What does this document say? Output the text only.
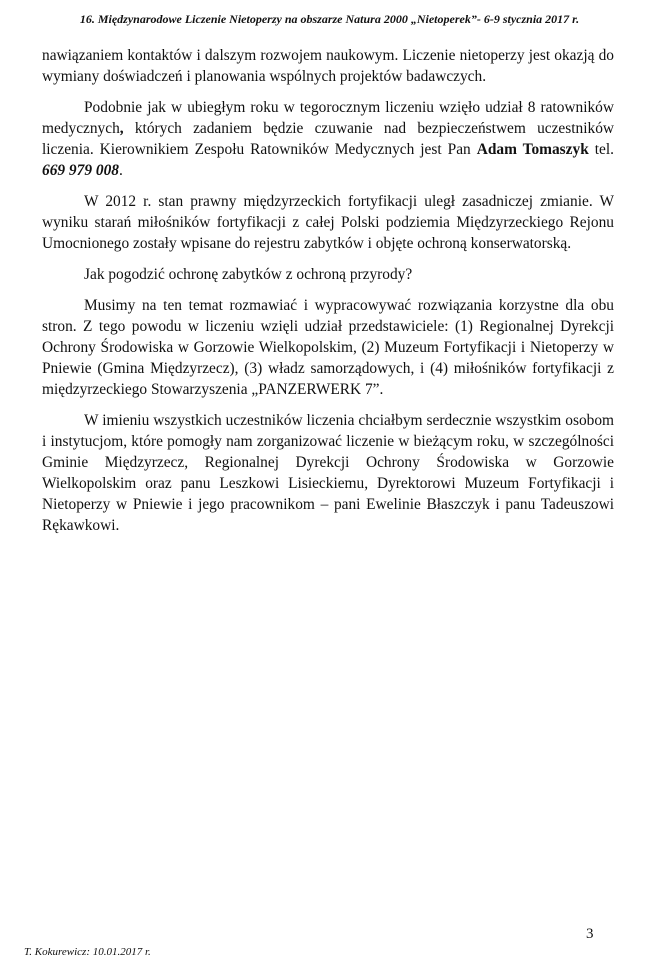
16. Międzynarodowe Liczenie Nietoperzy na obszarze Natura 2000 „Nietoperek”- 6-9 stycznia 2017 r.

nawiązaniem kontaktów i dalszym rozwojem naukowym. Liczenie nietoperzy jest okazją do wymiany doświadczeń i planowania wspólnych projektów badawczych.

Podobnie jak w ubiegłym roku w tegorocznym liczeniu wzięło udział 8 ratowników medycznych, których zadaniem będzie czuwanie nad bezpieczeństwem uczestników liczenia. Kierownikiem Zespołu Ratowników Medycznych jest Pan Adam Tomaszyk tel. 669 979 008.

W 2012 r. stan prawny międzyrzeckich fortyfikacji uległ zasadniczej zmianie. W wyniku starań miłośników fortyfikacji z całej Polski podziemia Międzyrzeckiego Rejonu Umocnionego zostały wpisane do rejestru zabytków i objęte ochroną konserwatorską.

Jak pogodzić ochronę zabytków z ochroną przyrody?

Musimy na ten temat rozmawiać i wypracowywać rozwiązania korzystne dla obu stron. Z tego powodu w liczeniu wzięli udział przedstawiciele: (1) Regionalnej Dyrekcji Ochrony Środowiska w Gorzowie Wielkopolskim, (2) Muzeum Fortyfikacji i Nietoperzy w Pniewie (Gmina Międzyrzecz), (3) władz samorządowych, i (4) miłośników fortyfikacji z międzyrzeckiego Stowarzyszenia „PANZERWERK 7”.

W imieniu wszystkich uczestników liczenia chciałbym serdecznie wszystkim osobom i instytucjom, które pomogły nam zorganizować liczenie w bieżącym roku, w szczególności Gminie Międzyrzecz, Regionalnej Dyrekcji Ochrony Środowiska w Gorzowie Wielkopolskim oraz panu Leszkowi Lisieckiemu, Dyrektorowi Muzeum Fortyfikacji i Nietoperzy w Pniewie i jego pracownikom – pani Ewelinie Błaszczyk i panu Tadeuszowi Rękawkowi.

3
T. Kokurewicz: 10.01.2017 r.
